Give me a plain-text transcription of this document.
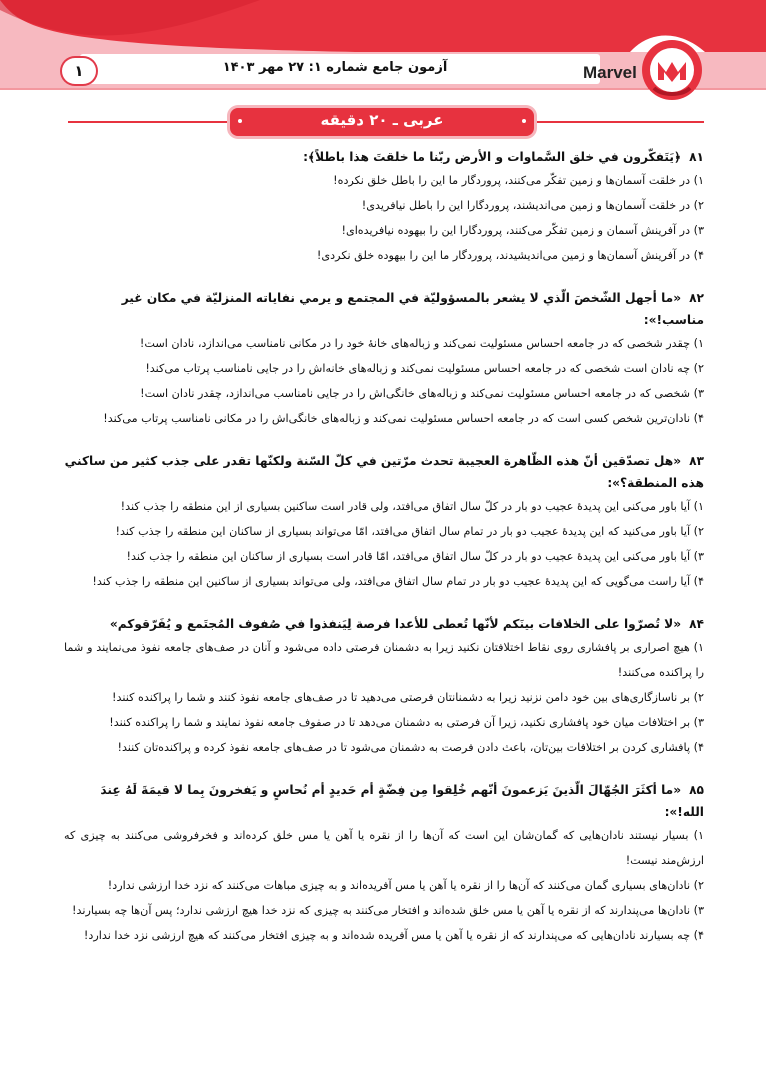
۱	آزمون جامع شماره ۱: ۲۷ مهر ۱۴۰۳	Marvel
عربی ـ ۲۰ دقیقه
۸۱﴿يَتَفكّرون في خلق السَّماوات و الأرض ربّنا ما خلقتَ هذا باطلاً﴾:

۱) در خلقت آسمان‌ها و زمین تفکّر می‌کنند، پروردگار ما این را باطل خلق نکرده!

۲) در خلقت آسمان‌ها و زمین می‌اندیشند، پروردگارا این را باطل نیافریدی!

۳) در آفرینش آسمان و زمین تفکّر می‌کنند، پروردگارا این را بیهوده نیافریده‌ای!

۴) در آفرینش آسمان‌ها و زمین می‌اندیشیدند، پروردگار ما این را بیهوده خلق نکردی!

۸۲«ما أجهل الشّخصَ الّذي لا يشعر بالمسؤوليّة في المجتمع و يرمي نفاياته المنزليّة في مكان غير مناسب!»:

۱) چقدر شخصی که در جامعه احساس مسئولیت نمی‌کند و زباله‌های خانهٔ خود را در مکانی نامناسب می‌اندازد، نادان است!

۲) چه نادان است شخصی که در جامعه احساس مسئولیت نمی‌کند و زباله‌های خانه‌اش را در جایی نامناسب پرتاب می‌کند!

۳) شخصی که در جامعه احساس مسئولیت نمی‌کند و زباله‌های خانگی‌اش را در جایی نامناسب می‌اندازد، چقدر نادان است!

۴) نادان‌ترین شخص کسی است که در جامعه احساس مسئولیت نمی‌کند و زباله‌های خانگی‌اش را در مکانی نامناسب پرتاب می‌کند!

۸۳«هل تصدّقين أنّ هذه الظّاهرة العجيبة تحدث مرّتين في كلّ السّنة ولكنّها تقدر على جذب كثير من ساكني هذه المنطقة؟»:

۱) آیا باور می‌کنی این پدیدهٔ عجیب دو بار در کلّ سال اتفاق می‌افتد، ولی قادر است ساکنین بسیاری از این منطقه را جذب کند!

۲) آیا باور می‌کنید که این پدیدهٔ عجیب دو بار در تمام سال اتفاق می‌افتد، امّا می‌تواند بسیاری از ساکنان این منطقه را جذب کند!

۳) آیا باور می‌کنی این پدیدهٔ عجیب دو بار در کلّ سال اتفاق می‌افتد، امّا قادر است بسیاری از ساکنان این منطقه را جذب کند!

۴) آیا راست می‌گویی که این پدیدهٔ عجیب دو بار در تمام سال اتفاق می‌افتد، ولی می‌تواند بسیاری از ساکنین این منطقه را جذب کند!

۸۴«لا تُصرّوا على الخلافات بينَكم لأنّها تُعطى للأعدا فرصة لِيَنفذوا في صُفوف المُجتَمع و يُفَرّقوكم»

۱) هیچ اصراری بر پافشاری روی نقاط اختلافتان نکنید زیرا به دشمنان فرصتی داده می‌شود و آنان در صف‌های جامعه نفوذ می‌نمایند و شما را پراکنده می‌کنند!

۲) بر ناسازگاری‌های بین خود دامن نزنید زیرا به دشمنانتان فرصتی می‌دهید تا در صف‌های جامعه نفوذ کنند و شما را پراکنده کنند!

۳) بر اختلافات میان خود پافشاری نکنید، زیرا آن فرصتی به دشمنان می‌دهد تا در صفوف جامعه نفوذ نمایند و شما را پراکنده کنند!

۴) پافشاری کردن بر اختلافات بین‌تان، باعث دادن فرصت به دشمنان می‌شود تا در صف‌های جامعه نفوذ کرده و پراکنده‌تان کنند!

۸۵«ما أكثَرَ الجُهّالَ الّذينَ يَزعمونَ أنّهم خُلِقوا مِن فِضّةٍ أم حَديدٍ أم نُحاسٍ و يَفخرونَ بِما لا قيمَةَ لَهُ عِندَ الله!»:

۱) بسیار نیستند نادان‌هایی که گمان‌شان این است که آن‌ها را از نقره یا آهن یا مس خلق کرده‌اند و فخرفروشی می‌کنند به چیزی که ارزش‌مند نیست!

۲) نادان‌های بسیاری گمان می‌کنند که آن‌ها را از نقره یا آهن یا مس آفریده‌اند و به چیزی مباهات می‌کنند که نزد خدا ارزشی ندارد!

۳) نادان‌ها می‌پندارند که از نقره یا آهن یا مس خلق شده‌اند و افتخار می‌کنند به چیزی که نزد خدا هیچ ارزشی ندارد؛ پس آن‌ها چه بسیارند!

۴) چه بسیارند نادان‌هایی که می‌پندارند که از نقره یا آهن یا مس آفریده شده‌اند و به چیزی افتخار می‌کنند که هیچ ارزشی نزد خدا ندارد!
